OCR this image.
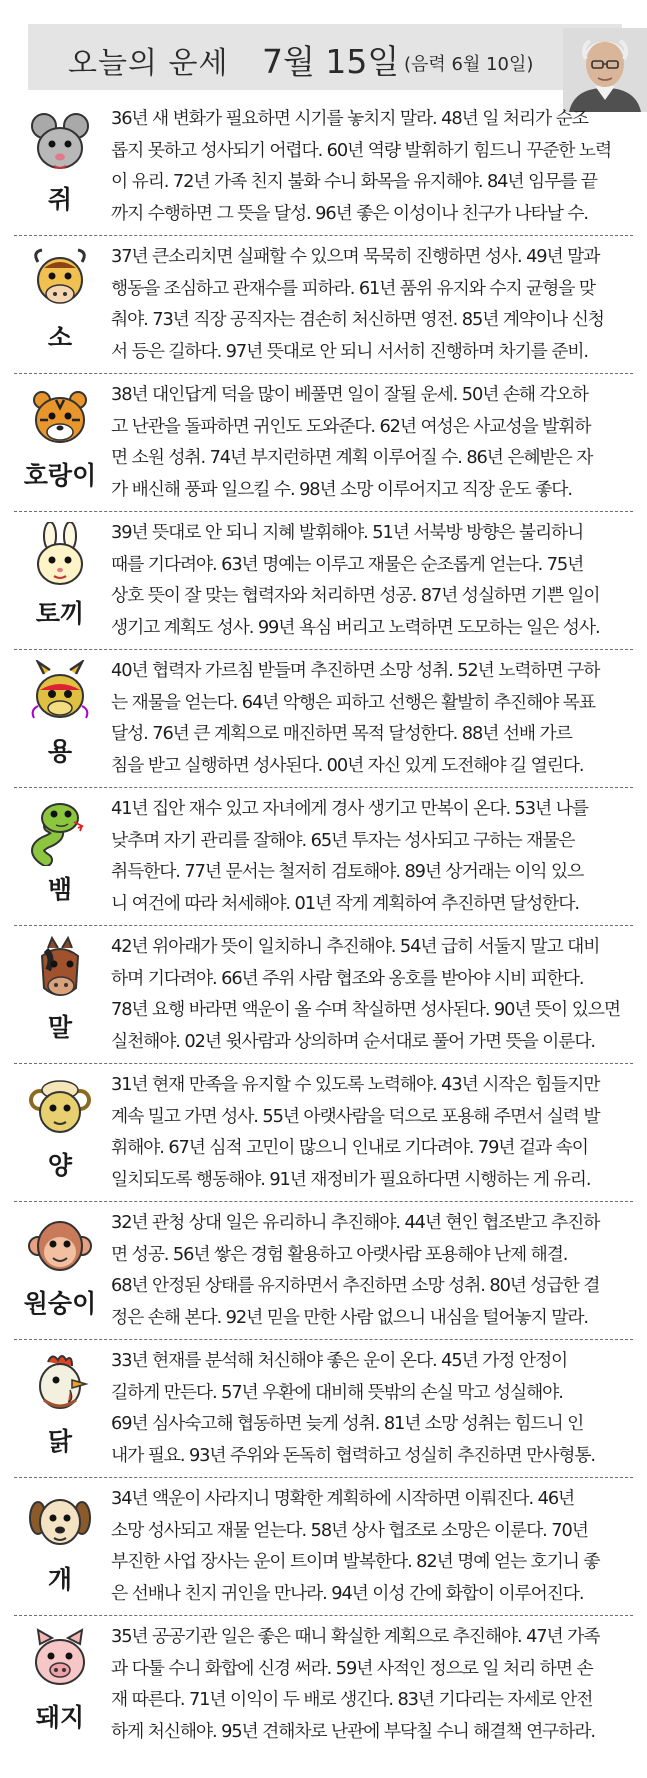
오늘의 운세 7월 15일 (음력 6월 10일)
쥐
36년 새 변화가 필요하면 시기를 놓치지 말라. 48년 일 처리가 순조
롭지 못하고 성사되기 어렵다. 60년 역량 발휘하기 힘드니 꾸준한 노력
이 유리. 72년 가족 친지 불화 수니 화목을 유지해야. 84년 임무를 끝
까지 수행하면 그 뜻을 달성. 96년 좋은 이성이나 친구가 나타날 수.
소
37년 큰소리치면 실패할 수 있으며 묵묵히 진행하면 성사. 49년 말과
행동을 조심하고 관재수를 피하라. 61년 품위 유지와 수지 균형을 맞
춰야. 73년 직장 공직자는 겸손히 처신하면 영전. 85년 계약이나 신청
서 등은 길하다. 97년 뜻대로 안 되니 서서히 진행하며 차기를 준비.
호랑이
38년 대인답게 덕을 많이 베풀면 일이 잘될 운세. 50년 손해 각오하
고 난관을 돌파하면 귀인도 도와준다. 62년 여성은 사교성을 발휘하
면 소원 성취. 74년 부지런하면 계획 이루어질 수. 86년 은혜받은 자
가 배신해 풍파 일으킬 수. 98년 소망 이루어지고 직장 운도 좋다.
토끼
39년 뜻대로 안 되니 지혜 발휘해야. 51년 서북방 방향은 불리하니
때를 기다려야. 63년 명예는 이루고 재물은 순조롭게 얻는다. 75년
상호 뜻이 잘 맞는 협력자와 처리하면 성공. 87년 성실하면 기쁜 일이
생기고 계획도 성사. 99년 욕심 버리고 노력하면 도모하는 일은 성사.
용
40년 협력자 가르침 받들며 추진하면 소망 성취. 52년 노력하면 구하
는 재물을 얻는다. 64년 악행은 피하고 선행은 활발히 추진해야 목표
달성. 76년 큰 계획으로 매진하면 목적 달성한다. 88년 선배 가르
침을 받고 실행하면 성사된다. 00년 자신 있게 도전해야 길 열린다.
뱀
41년 집안 재수 있고 자녀에게 경사 생기고 만복이 온다. 53년 나를
낮추며 자기 관리를 잘해야. 65년 투자는 성사되고 구하는 재물은
취득한다. 77년 문서는 철저히 검토해야. 89년 상거래는 이익 있으
니 여건에 따라 처세해야. 01년 작게 계획하여 추진하면 달성한다.
말
42년 위아래가 뜻이 일치하니 추진해야. 54년 급히 서둘지 말고 대비
하며 기다려야. 66년 주위 사람 협조와 옹호를 받아야 시비 피한다.
78년 요행 바라면 액운이 올 수며 착실하면 성사된다. 90년 뜻이 있으면
실천해야. 02년 윗사람과 상의하며 순서대로 풀어 가면 뜻을 이룬다.
양
31년 현재 만족을 유지할 수 있도록 노력해야. 43년 시작은 힘들지만
계속 밀고 가면 성사. 55년 아랫사람을 덕으로 포용해 주면서 실력 발
휘해야. 67년 심적 고민이 많으니 인내로 기다려야. 79년 겉과 속이
일치되도록 행동해야. 91년 재정비가 필요하다면 시행하는 게 유리.
원숭이
32년 관청 상대 일은 유리하니 추진해야. 44년 현인 협조받고 추진하
면 성공. 56년 쌓은 경험 활용하고 아랫사람 포용해야 난제 해결.
68년 안정된 상태를 유지하면서 추진하면 소망 성취. 80년 성급한 결
정은 손해 본다. 92년 믿을 만한 사람 없으니 내심을 털어놓지 말라.
닭
33년 현재를 분석해 처신해야 좋은 운이 온다. 45년 가정 안정이
길하게 만든다. 57년 우환에 대비해 뜻밖의 손실 막고 성실해야.
69년 심사숙고해 협동하면 늦게 성취. 81년 소망 성취는 힘드니 인
내가 필요. 93년 주위와 돈독히 협력하고 성실히 추진하면 만사형통.
개
34년 액운이 사라지니 명확한 계획하에 시작하면 이뤄진다. 46년
소망 성사되고 재물 얻는다. 58년 상사 협조로 소망은 이룬다. 70년
부진한 사업 장사는 운이 트이며 발복한다. 82년 명예 얻는 호기니 좋
은 선배나 친지 귀인을 만나라. 94년 이성 간에 화합이 이루어진다.
돼지
35년 공공기관 일은 좋은 때니 확실한 계획으로 추진해야. 47년 가족
과 다툴 수니 화합에 신경 써라. 59년 사적인 정으로 일 처리 하면 손
재 따른다. 71년 이익이 두 배로 생긴다. 83년 기다리는 자세로 안전
하게 처신해야. 95년 견해차로 난관에 부닥칠 수니 해결책 연구하라.
